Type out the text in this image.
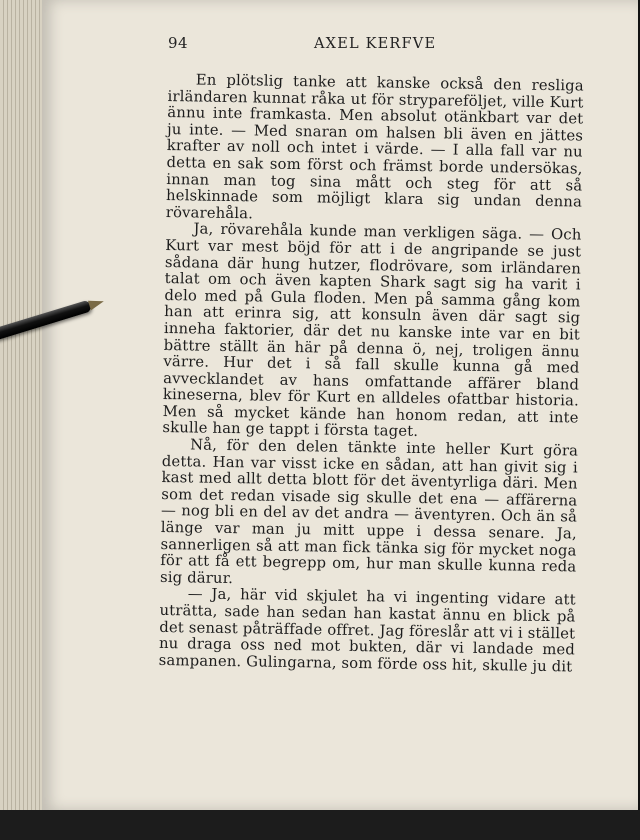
94	AXEL KERFVE

En plötslig tanke att kanske också den resliga irländaren kunnat råka ut för strypareföljet, ville Kurt ännu inte framkasta. Men absolut otänkbart var det ju inte. — Med snaran om halsen bli även en jättes krafter av noll och intet i värde. — I alla fall var nu detta en sak som först och främst borde undersökas, innan man tog sina mått och steg för att så helskinnade som möjligt klara sig undan denna rövarehåla.

Ja, rövarehåla kunde man verkligen säga. — Och Kurt var mest böjd för att i de angripande se just sådana där hung hutzer, flodrövare, som irländaren talat om och även kapten Shark sagt sig ha varit i delo med på Gula floden. Men på samma gång kom han att erinra sig, att konsuln även där sagt sig inneha faktorier, där det nu kanske inte var en bit bättre ställt än här på denna ö, nej, troligen ännu värre. Hur det i så fall skulle kunna gå med avvecklandet av hans omfattande affärer bland kineserna, blev för Kurt en alldeles ofattbar historia. Men så mycket kände han honom redan, att inte skulle han ge tappt i första taget.

Nå, för den delen tänkte inte heller Kurt göra detta. Han var visst icke en sådan, att han givit sig i kast med allt detta blott för det äventyrliga däri. Men som det redan visade sig skulle det ena — affärerna — nog bli en del av det andra — äventyren. Och än så länge var man ju mitt uppe i dessa senare. Ja, sannerligen så att man fick tänka sig för mycket noga för att få ett begrepp om, hur man skulle kunna reda sig därur.

— Ja, här vid skjulet ha vi ingenting vidare att uträtta, sade han sedan han kastat ännu en blick på det senast påträffade offret. Jag föreslår att vi i stället nu draga oss ned mot bukten, där vi landade med sampanen. Gulingarna, som förde oss hit, skulle ju dit
